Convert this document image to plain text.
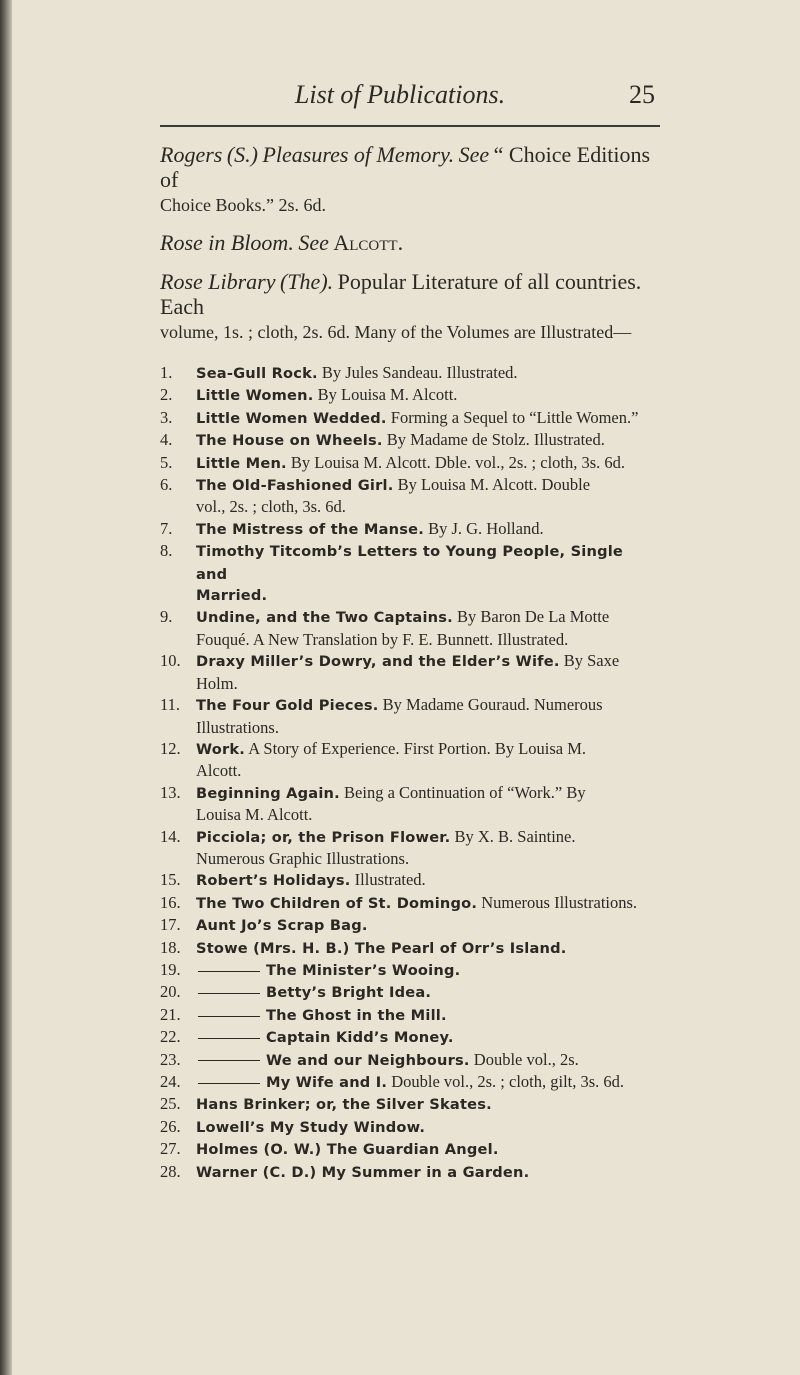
List of Publications.	25

Rogers (S.) Pleasures of Memory. See “ Choice Editions of
Choice Books.” 2s. 6d.

Rose in Bloom. See Alcott.

Rose Library (The). Popular Literature of all countries. Each
volume, 1s. ; cloth, 2s. 6d. Many of the Volumes are Illustrated—

1.	Sea-Gull Rock. By Jules Sandeau. Illustrated.
2.	Little Women. By Louisa M. Alcott.
3.	Little Women Wedded. Forming a Sequel to “Little Women.”
4.	The House on Wheels. By Madame de Stolz. Illustrated.
5.	Little Men. By Louisa M. Alcott. Dble. vol., 2s. ; cloth, 3s. 6d.
6.	The Old-Fashioned Girl. By Louisa M. Alcott. Double
vol., 2s. ; cloth, 3s. 6d.
7.	The Mistress of the Manse. By J. G. Holland.
8.	Timothy Titcomb’s Letters to Young People, Single and
Married.
9.	Undine, and the Two Captains. By Baron De La Motte
Fouqué. A New Translation by F. E. Bunnett. Illustrated.
10.	Draxy Miller’s Dowry, and the Elder’s Wife. By Saxe
Holm.
11.	The Four Gold Pieces. By Madame Gouraud. Numerous
Illustrations.
12.	Work. A Story of Experience. First Portion. By Louisa M.
Alcott.
13.	Beginning Again. Being a Continuation of “Work.” By
Louisa M. Alcott.
14.	Picciola; or, the Prison Flower. By X. B. Saintine.
Numerous Graphic Illustrations.
15.	Robert’s Holidays. Illustrated.
16.	The Two Children of St. Domingo. Numerous Illustrations.
17.	Aunt Jo’s Scrap Bag.
18.	Stowe (Mrs. H. B.) The Pearl of Orr’s Island.
19.	The Minister’s Wooing.
20.	Betty’s Bright Idea.
21.	The Ghost in the Mill.
22.	Captain Kidd’s Money.
23.	We and our Neighbours. Double vol., 2s.
24.	My Wife and I. Double vol., 2s. ; cloth, gilt, 3s. 6d.
25.	Hans Brinker; or, the Silver Skates.
26.	Lowell’s My Study Window.
27.	Holmes (O. W.) The Guardian Angel.
28.	Warner (C. D.) My Summer in a Garden.
